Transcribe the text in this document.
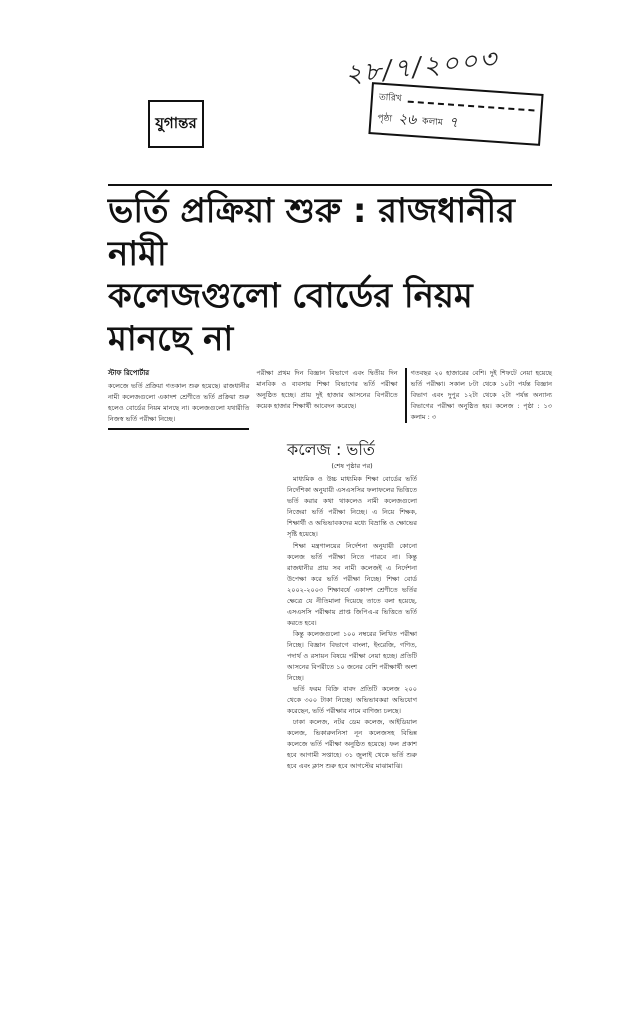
২৮/৭/২০০৩
যুগান্তর
তারিখ
পৃষ্ঠা ২৬ কলাম ৭
ভর্তি প্রক্রিয়া শুরু : রাজধানীর নামী
কলেজগুলো বোর্ডের নিয়ম মানছে না
স্টাফ রিপোর্টার
কলেজে ভর্তি প্রক্রিয়া গতকাল শুরু হয়েছে। রাজধানীর নামী কলেজগুলো একাদশ শ্রেণীতে ভর্তি প্রক্রিয়া শুরু হলেও বোর্ডের নিয়ম মানছে না। কলেজগুলো যথারীতি নিজস্ব ভর্তি পরীক্ষা নিচ্ছে।
পরীক্ষা প্রথম দিন বিজ্ঞান বিভাগে এবং দ্বিতীয় দিন মানবিক ও ব্যবসায় শিক্ষা বিভাগের ভর্তি পরীক্ষা অনুষ্ঠিত হচ্ছে। প্রায় দুই হাজার আসনের বিপরীতে কয়েক হাজার শিক্ষার্থী আবেদন করেছে।
গতবছর ২০ হাজারের বেশি। দুই শিফটে নেয়া হয়েছে ভর্তি পরীক্ষা। সকাল ৮টা থেকে ১০টা পর্যন্ত বিজ্ঞান বিভাগ এবং দুপুর ১২টা থেকে ২টা পর্যন্ত অন্যান্য বিভাগের পরীক্ষা অনুষ্ঠিত হয়। কলেজ : পৃষ্ঠা : ১৩ কলাম : ৩
কলেজ : ভর্তি
(শেষ পৃষ্ঠার পর)

মাধ্যমিক ও উচ্চ মাধ্যমিক শিক্ষা বোর্ডের ভর্তি নির্দেশিকা অনুযায়ী এসএসসির ফলাফলের ভিত্তিতে ভর্তি করার কথা থাকলেও নামী কলেজগুলো নিজেরা ভর্তি পরীক্ষা নিচ্ছে। এ নিয়ে শিক্ষক, শিক্ষার্থী ও অভিভাবকদের মধ্যে বিভ্রান্তি ও ক্ষোভের সৃষ্টি হয়েছে।

শিক্ষা মন্ত্রণালয়ের নির্দেশনা অনুযায়ী কোনো কলেজ ভর্তি পরীক্ষা নিতে পারবে না। কিন্তু রাজধানীর প্রায় সব নামী কলেজই এ নির্দেশনা উপেক্ষা করে ভর্তি পরীক্ষা নিচ্ছে। শিক্ষা বোর্ড ২০০২-২০০৩ শিক্ষাবর্ষে একাদশ শ্রেণীতে ভর্তির ক্ষেত্রে যে নীতিমালা দিয়েছে তাতে বলা হয়েছে, এসএসসি পরীক্ষায় প্রাপ্ত জিপিএ-র ভিত্তিতে ভর্তি করতে হবে।

কিন্তু কলেজগুলো ১০০ নম্বরের লিখিত পরীক্ষা নিচ্ছে। বিজ্ঞান বিভাগে বাংলা, ইংরেজি, গণিত, পদার্থ ও রসায়ন বিষয়ে পরীক্ষা নেয়া হচ্ছে। প্রতিটি আসনের বিপরীতে ১০ জনের বেশি পরীক্ষার্থী অংশ নিচ্ছে।

ভর্তি ফরম বিক্রি বাবদ প্রতিটি কলেজ ২০০ থেকে ৩০০ টাকা নিচ্ছে। অভিভাবকরা অভিযোগ করেছেন, ভর্তি পরীক্ষার নামে বাণিজ্য চলছে।

ঢাকা কলেজ, নটর ডেম কলেজ, আইডিয়াল কলেজ, ভিকারুননিসা নূন কলেজসহ বিভিন্ন কলেজে ভর্তি পরীক্ষা অনুষ্ঠিত হয়েছে। ফল প্রকাশ হবে আগামী সপ্তাহে। ৩১ জুলাই থেকে ভর্তি শুরু হবে এবং ক্লাস শুরু হবে আগস্টের মাঝামাঝি।
